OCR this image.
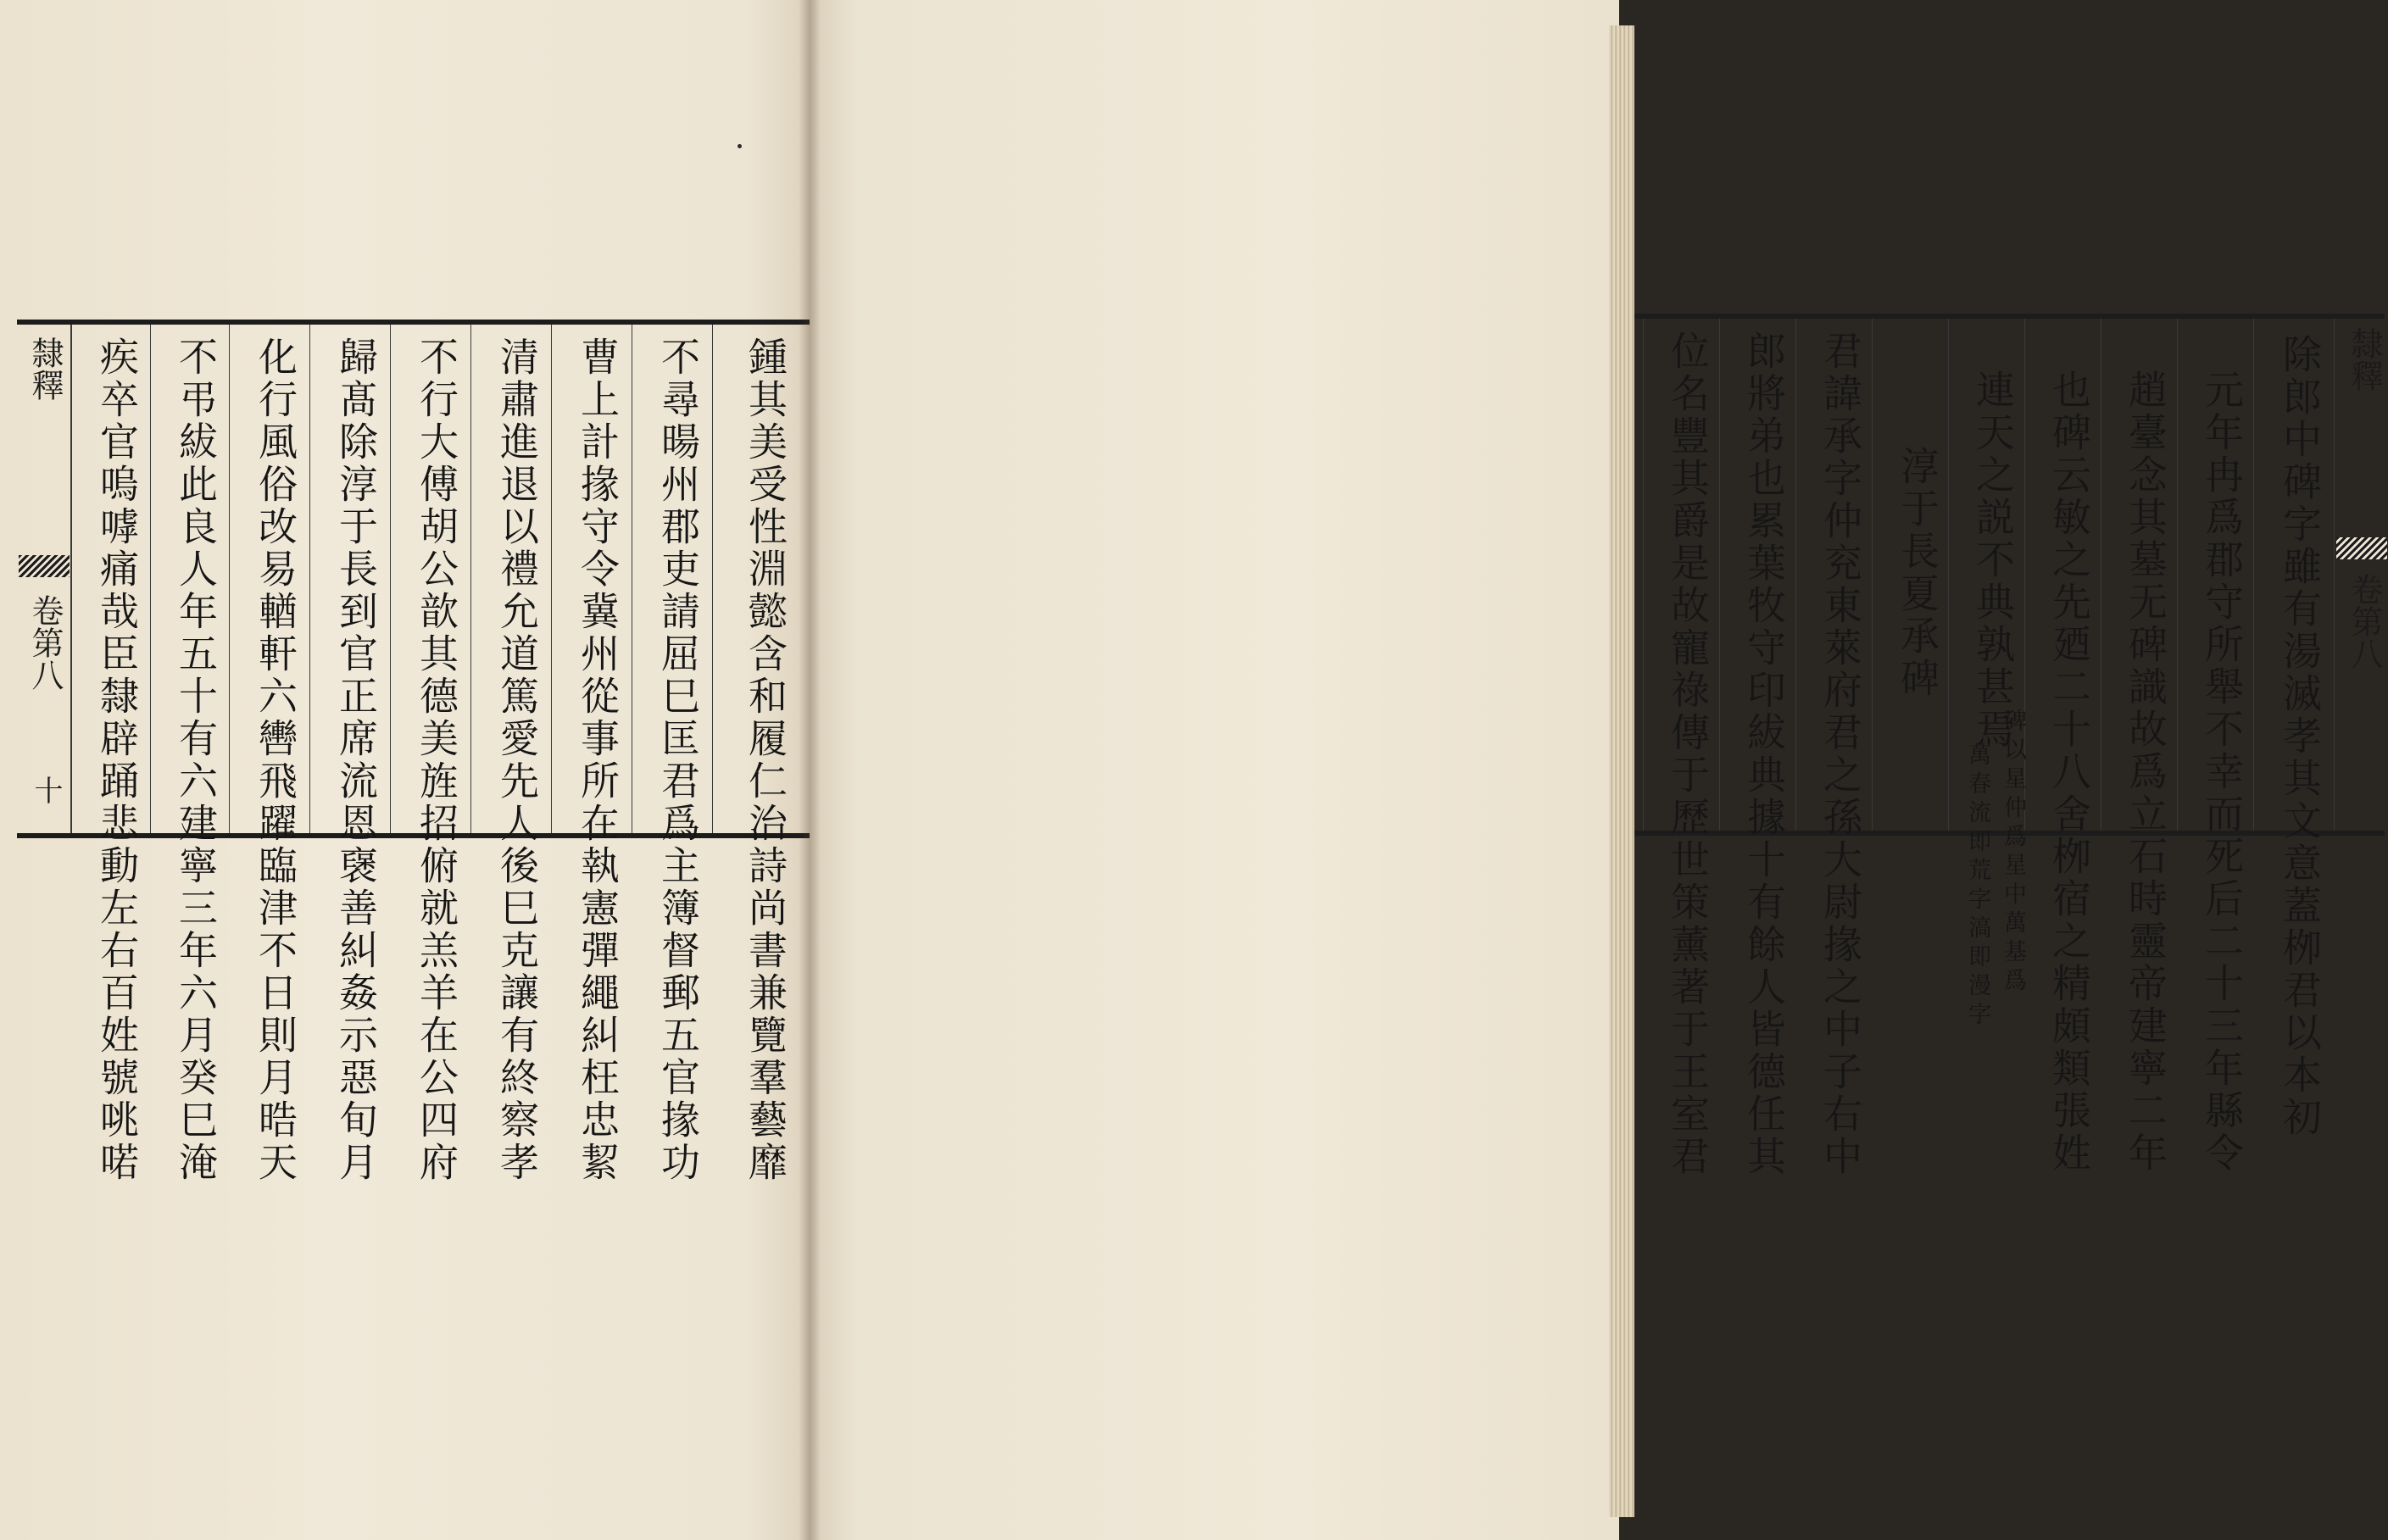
隸釋
卷第八
十	鍾其美受性淵懿含和履仁治詩尚書兼覽羣藝靡
不尋暘州郡吏請屈巳匡君爲主簿督郵五官掾功
曹上計掾守令冀州從事所在執憲彈繩糾枉忠絜
清肅進退以禮允道篤愛先人後巳克讓有終察孝
不行大傅胡公歆其德美旌招俯就羔羊在公四府
歸髙除淳于長到官正席流恩襃善糾姦示惡旬月
化行風俗改易輶軒六轡飛躍臨津不日則月晧天
不弔紱此良人年五十有六建寧三年六月癸巳淹
疾卒官嗚嘑痛哉臣隸辟踊悲動左右百姓號咷喏	隸釋
卷第八
除郎中碑字雖有湯滅孝其文意蓋栁君以本初
元年冉爲郡守所舉不幸而死后二十三年縣令
趙臺念其墓无碑識故爲立石時靈帝建寧二年
也碑云敏之先廼二十八舍栁宿之精頗類張姓
連天之説不典孰甚焉
碑以星仲爲星中萬基爲
萬春流即荒字滈即漫字
淳于長夏承碑
君諱承字仲兖東萊府君之孫大尉掾之中子右中
郎將弟也累葉牧守印紱典據十有餘人皆德任其
位名豐其爵是故寵祿傳于歷世策薰著于王室君
